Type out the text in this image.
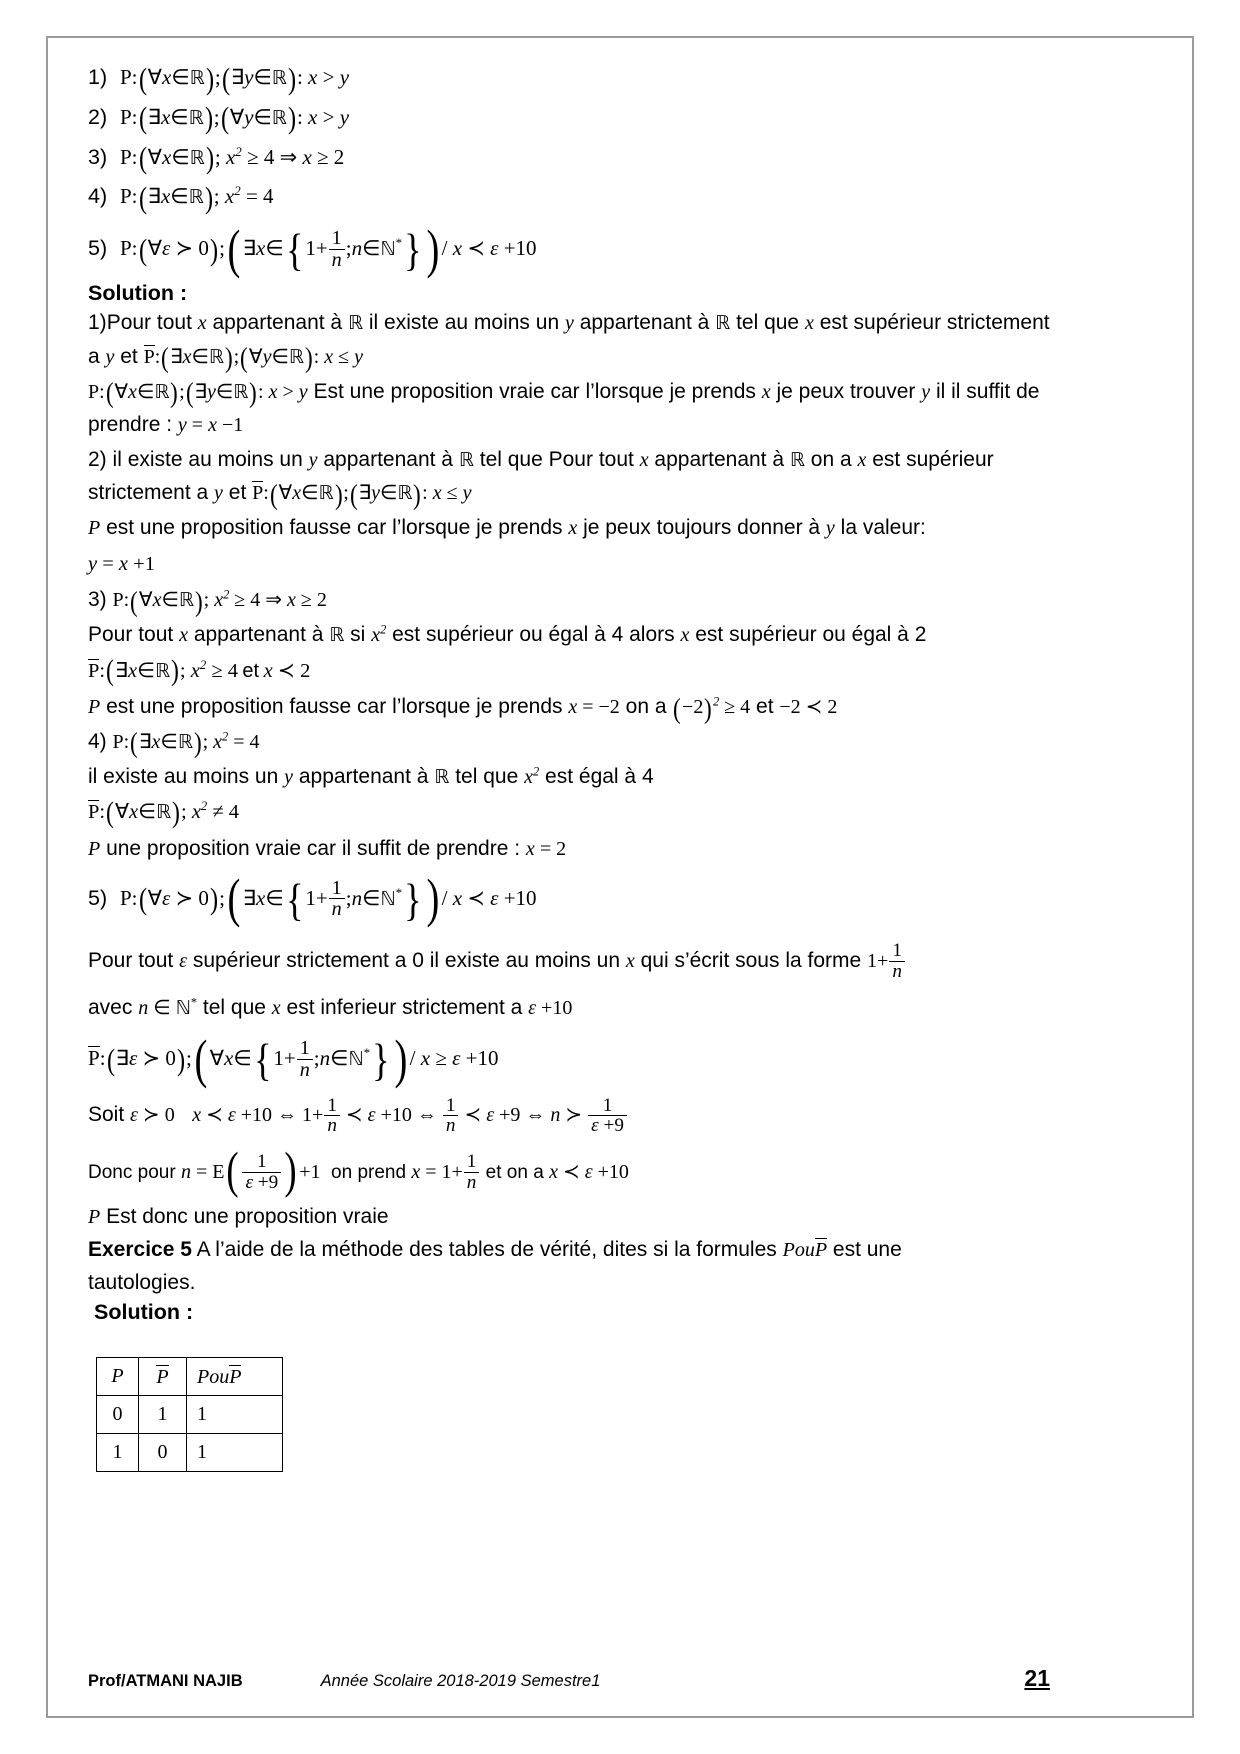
1) P:(∀x∈ℝ);(∃y∈ℝ): x > y

2) P:(∃x∈ℝ);(∀y∈ℝ): x > y

3) P:(∀x∈ℝ); $x^2 \ge 4$ ⇒ x ≥ 2

4) P:(∃x∈ℝ); $x^2 = 4$

5) P:(∀ε ≻ 0);( ∃x∈{ $1+ \frac{1}{n}$ ;n∈ℕ*}) / x ≺ ε +10

Solution :

1)Pour tout x appartenant à ℝ il existe au moins un y appartenant à ℝ tel que x est supérieur strictement a y et P:(∃x∈ℝ);(∀y∈ℝ): x ≤ y

P:(∀x∈ℝ);(∃y∈ℝ): x > y Est une proposition vraie car l’lorsque je prends x je peux trouver y il il suffit de prendre : y = x −1

2) il existe au moins un y appartenant à ℝ tel que Pour tout x appartenant à ℝ on a x est supérieur strictement a y et P:(∀x∈ℝ);(∃y∈ℝ): x ≤ y

P est une proposition fausse car l’lorsque je prends x je peux toujours donner à y la valeur:

y = x +1

3) P:(∀x∈ℝ); $x^2 \ge 4$ ⇒ x ≥ 2

Pour tout x appartenant à ℝ si $x^2$ est supérieur ou égal à 4 alors x est supérieur ou égal à 2

P:(∃x∈ℝ); $x^2 \ge 4$ et x ≺ 2

P est une proposition fausse car l’lorsque je prends x = −2 on a $(-2)^2 \ge 4$ et −2 ≺ 2

4) P:(∃x∈ℝ); $x^2 = 4$

il existe au moins un y appartenant à ℝ tel que $x^2$ est égal à 4

P:(∀x∈ℝ); $x^2 \ne 4$

P une proposition vraie car il suffit de prendre : x = 2

5) P:(∀ε ≻ 0);( ∃x∈{ $1+ \frac{1}{n}$ ;n∈ℕ*}) / x ≺ ε +10

Pour tout ε supérieur strictement a 0 il existe au moins un x qui s’écrit sous la forme $1+ \frac{1}{n}$

avec n ∈ ℕ* tel que x est inferieur strictement a ε +10

P:(∃ε ≻ 0);( ∀x∈{ $1+ \frac{1}{n}$ ;n∈ℕ*}) / x ≥ ε +10

Soit ε ≻ 0 x ≺ ε +10 ⇔ $1+ \frac{1}{n}$ ≺ ε +10 ⇔ $\frac{1}{n}$ ≺ ε +9 ⇔ n ≻ $\frac{1}{\varepsilon +9}$

Donc pour $n = E( \frac{1}{\varepsilon +9}$ ) +1 on prend $x = 1+ \frac{1}{n}$ et on a x ≺ ε +10

P Est donc une proposition vraie

Exercice 5 A l’aide de la méthode des tables de vérité, dites si la formules PouP est une

tautologies.

Solution :

P	P	PouP
0	1	1
1	0	1
Prof/ATMANI NAJIB	Année Scolaire 2018-2019 Semestre1	21
